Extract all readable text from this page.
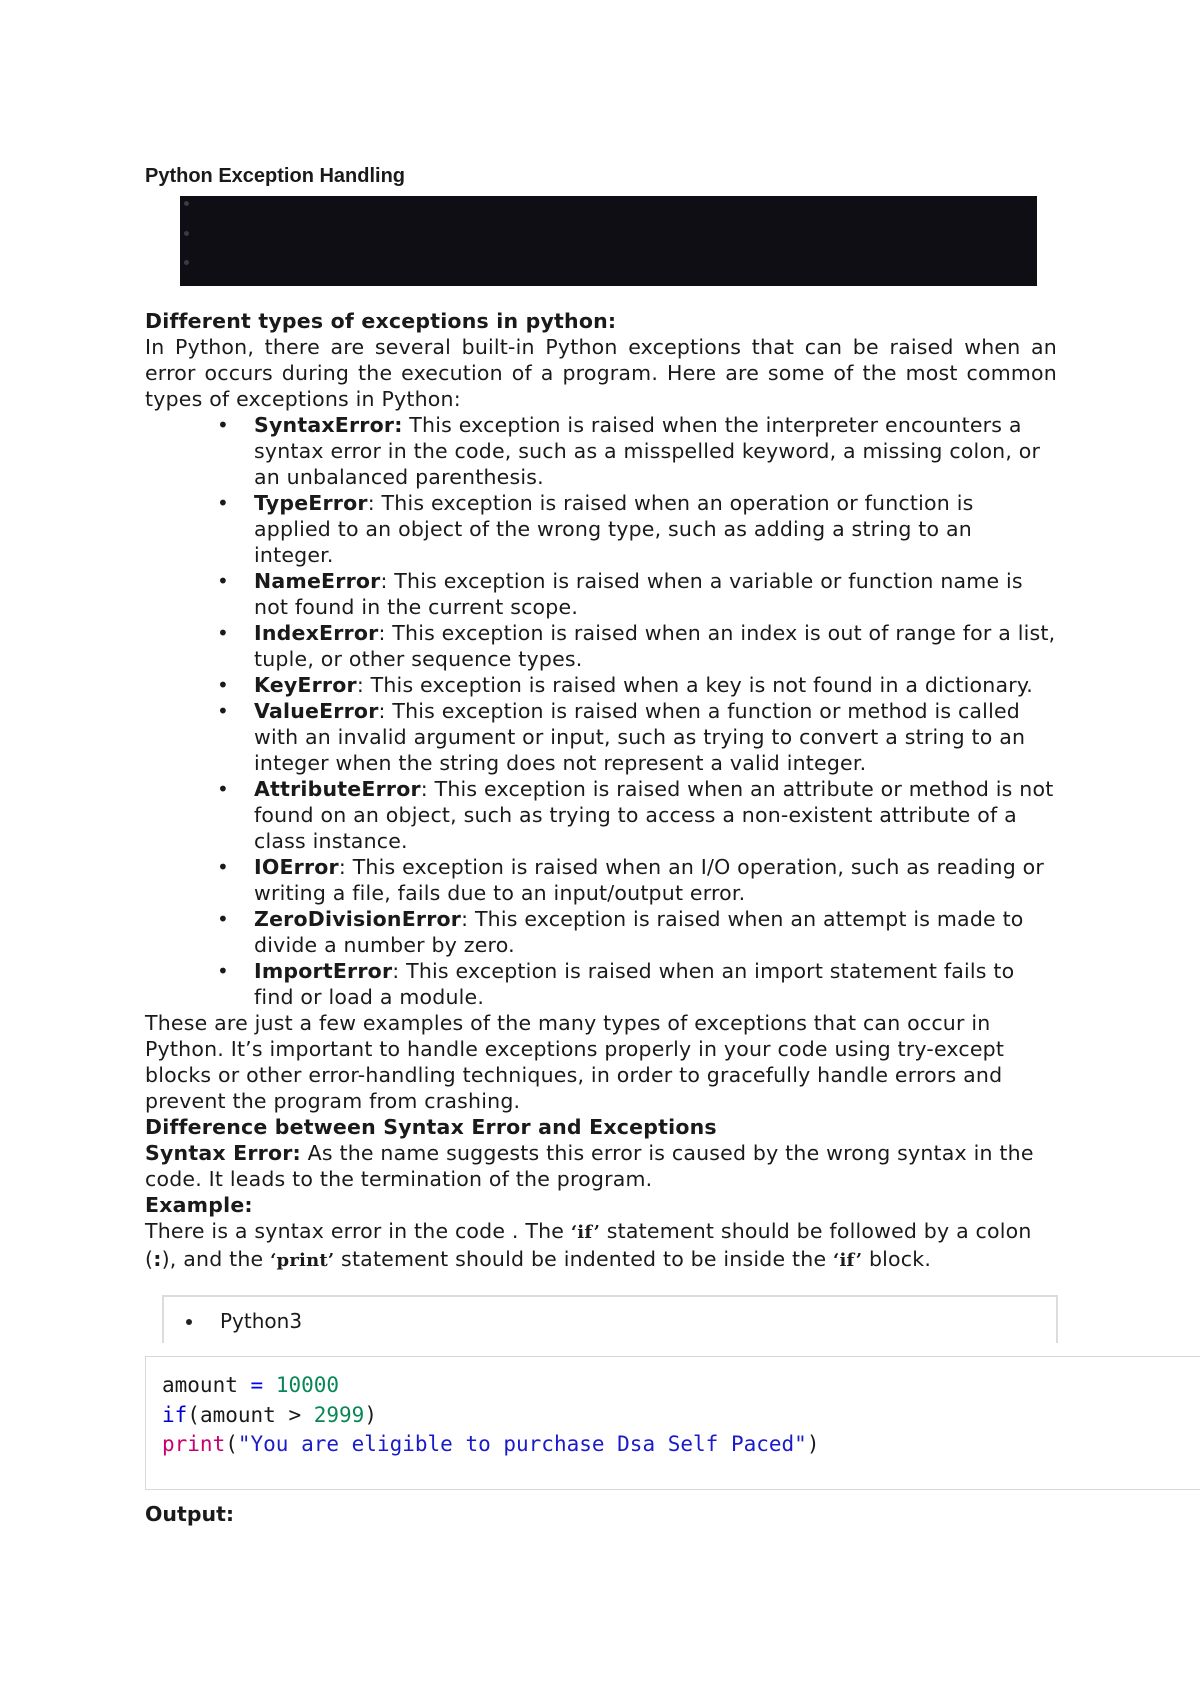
Python Exception Handling

Different types of exceptions in python:

In Python, there are several built-in Python exceptions that can be raised when an error occurs during the execution of a program. Here are some of the most common types of exceptions in Python:

• SyntaxError: This exception is raised when the interpreter encounters a syntax error in the code, such as a misspelled keyword, a missing colon, or an unbalanced parenthesis.
• TypeError: This exception is raised when an operation or function is applied to an object of the wrong type, such as adding a string to an integer.
• NameError: This exception is raised when a variable or function name is not found in the current scope.
• IndexError: This exception is raised when an index is out of range for a list, tuple, or other sequence types.
• KeyError: This exception is raised when a key is not found in a dictionary.
• ValueError: This exception is raised when a function or method is called with an invalid argument or input, such as trying to convert a string to an integer when the string does not represent a valid integer.
• AttributeError: This exception is raised when an attribute or method is not found on an object, such as trying to access a non-existent attribute of a class instance.
• IOError: This exception is raised when an I/O operation, such as reading or writing a file, fails due to an input/output error.
• ZeroDivisionError: This exception is raised when an attempt is made to divide a number by zero.
• ImportError: This exception is raised when an import statement fails to find or load a module.

These are just a few examples of the many types of exceptions that can occur in Python. It’s important to handle exceptions properly in your code using try-except blocks or other error-handling techniques, in order to gracefully handle errors and prevent the program from crashing.

Difference between Syntax Error and Exceptions

Syntax Error: As the name suggests this error is caused by the wrong syntax in the code. It leads to the termination of the program.

Example:

There is a syntax error in the code . The ‘if’ statement should be followed by a colon (:), and the ‘print’ statement should be indented to be inside the ‘if’ block.

Python3
amount = 10000
if(amount > 2999)
print("You are eligible to purchase Dsa Self Paced")
Output:
